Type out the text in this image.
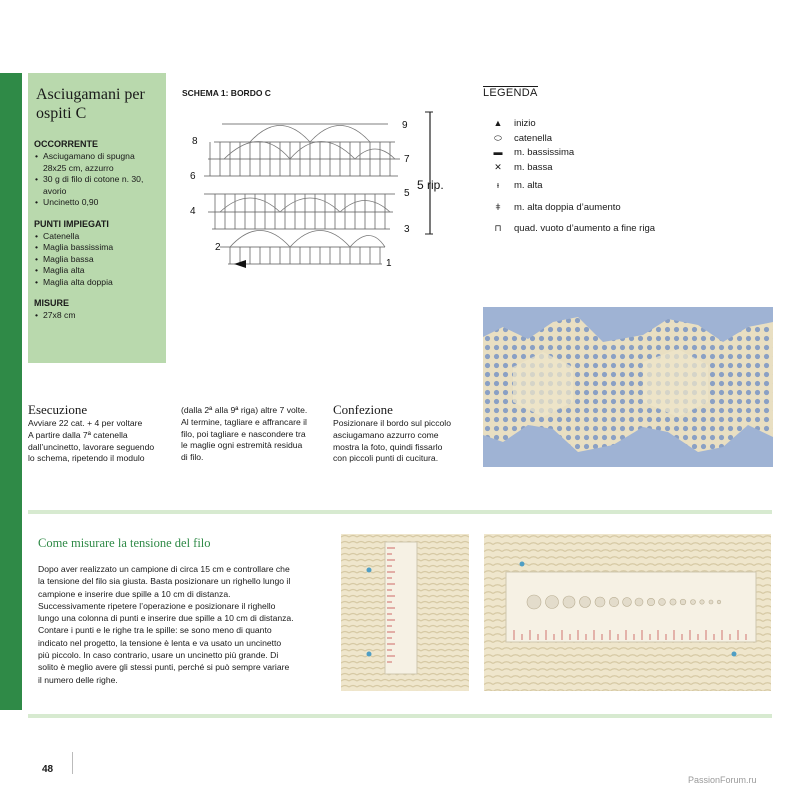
Asciugamani per ospiti C
OCCORRENTE
• Asciugamano di spugna
28x25 cm, azzurro
• 30 g di filo di cotone n. 30,
avorio
• Uncinetto 0,90
PUNTI IMPIEGATI
• Catenella
• Maglia bassissima
• Maglia bassa
• Maglia alta
• Maglia alta doppia
MISURE
• 27x8 cm
SCHEMA 1: BORDO C
5 rip.
9
8
7
6
5
4
3
2
1
LEGENDA
▲	inizio
⬭	catenella
▬	m. bassissima
✕	m. bassa
ᵻ	m. alta
ǂ	m. alta doppia d’aumento
⊓	quad. vuoto d’aumento a fine riga
Esecuzione
Avviare 22 cat. + 4 per voltare
A partire dalla 7ª catenella
dall’uncinetto, lavorare seguendo
lo schema, ripetendo il modulo
(dalla 2ª alla 9ª riga) altre 7 volte.
Al termine, tagliare e affrancare il
filo, poi tagliare e nascondere tra
le maglie ogni estremità residua
di filo.
Confezione
Posizionare il bordo sul piccolo
asciugamano azzurro come
mostra la foto, quindi fissarlo
con piccoli punti di cucitura.
Come misurare la tensione del filo
Dopo aver realizzato un campione di circa 15 cm e controllare che
la tensione del filo sia giusta. Basta posizionare un righello lungo il
campione e inserire due spille a 10 cm di distanza.
Successivamente ripetere l’operazione e posizionare il righello
lungo una colonna di punti e inserire due spille a 10 cm di distanza.
Contare i punti e le righe tra le spille: se sono meno di quanto
indicato nel progetto, la tensione è lenta e va usato un uncinetto
più piccolo. In caso contrario, usare un uncinetto più grande. Di
solito è meglio avere gli stessi punti, perché si può sempre variare
il numero delle righe.
48
PassionForum.ru
